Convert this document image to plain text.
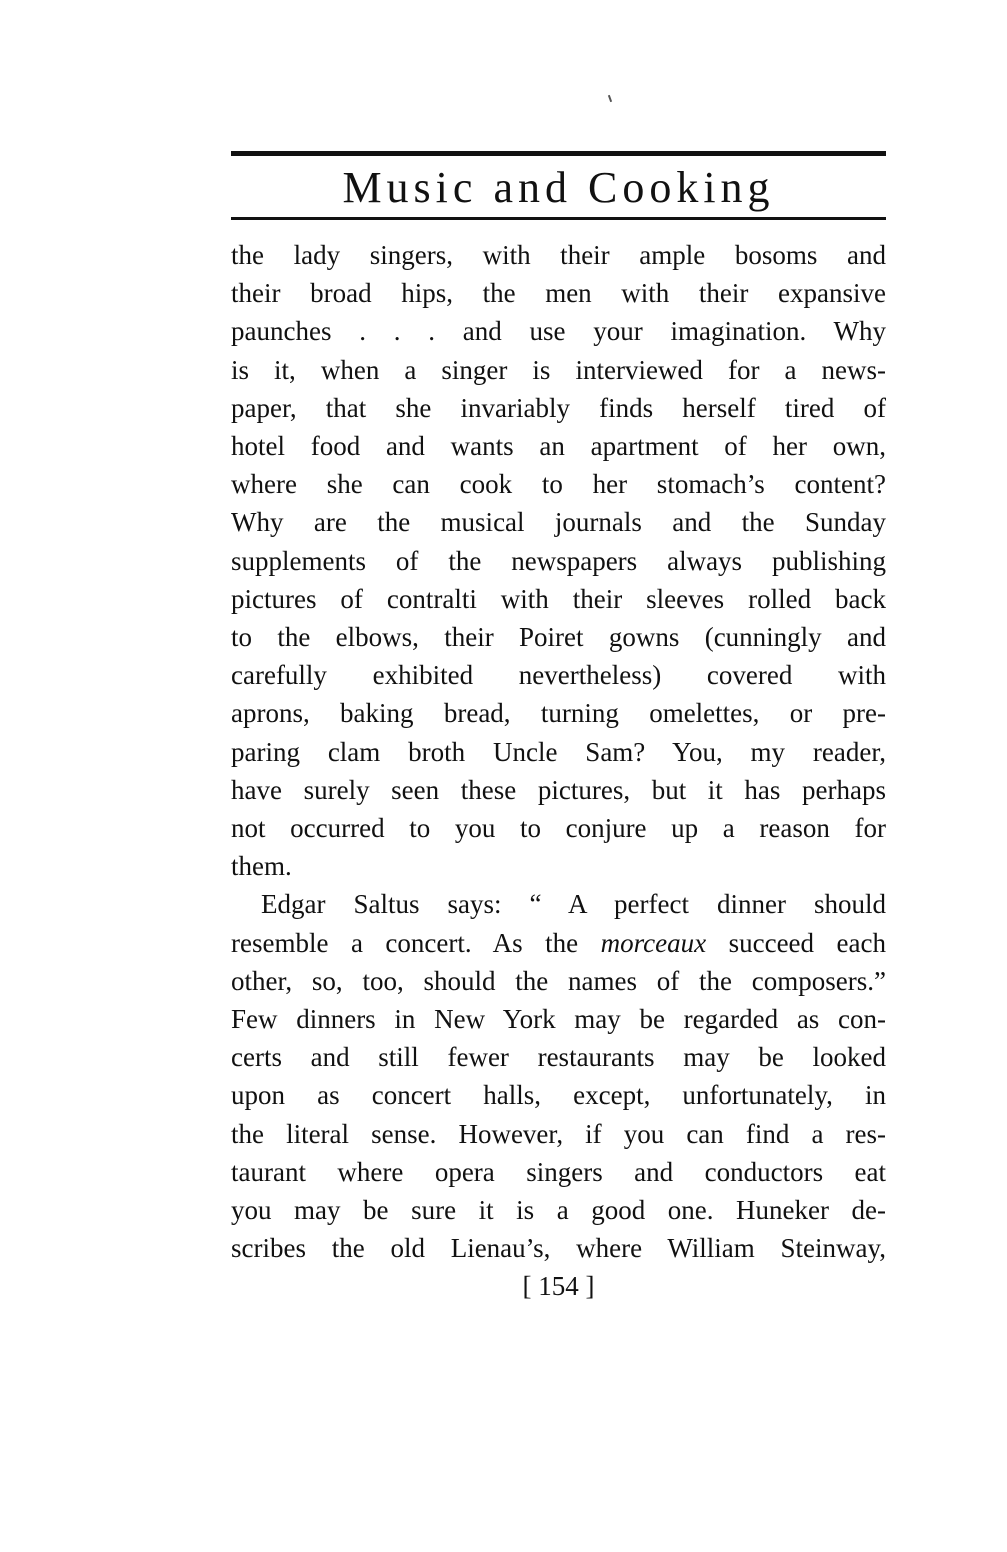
Music and Cooking
the lady singers, with their ample bosoms and
their broad hips, the men with their expansive
paunches . . . and use your imagination. Why
is it, when a singer is interviewed for a news-
paper, that she invariably finds herself tired of
hotel food and wants an apartment of her own,
where she can cook to her stomach’s content?
Why are the musical journals and the Sunday
supplements of the newspapers always publishing
pictures of contralti with their sleeves rolled back
to the elbows, their Poiret gowns (cunningly and
carefully exhibited nevertheless) covered with
aprons, baking bread, turning omelettes, or pre-
paring clam broth Uncle Sam? You, my reader,
have surely seen these pictures, but it has perhaps
not occurred to you to conjure up a reason for
them.
Edgar Saltus says: “ A perfect dinner should
resemble a concert. As the morceaux succeed each
other, so, too, should the names of the composers.”
Few dinners in New York may be regarded as con-
certs and still fewer restaurants may be looked
upon as concert halls, except, unfortunately, in
the literal sense. However, if you can find a res-
taurant where opera singers and conductors eat
you may be sure it is a good one. Huneker de-
scribes the old Lienau’s, where William Steinway,
[ 154 ]
